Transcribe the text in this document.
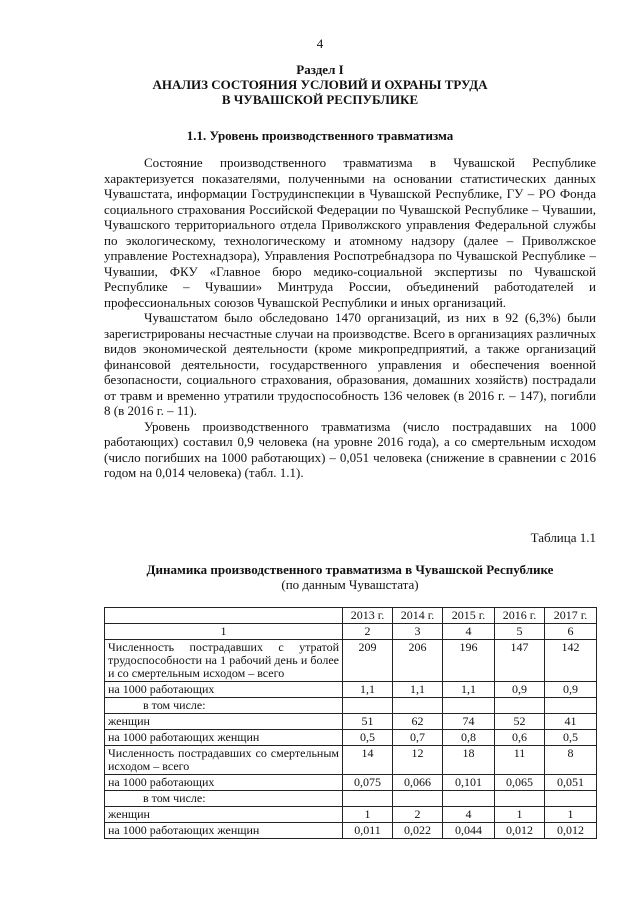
4
Раздел I
АНАЛИЗ СОСТОЯНИЯ УСЛОВИЙ И ОХРАНЫ ТРУДА
В ЧУВАШСКОЙ РЕСПУБЛИКЕ
1.1. Уровень производственного травматизма

Состояние производственного травматизма в Чувашской Республике характеризуется показателями, полученными на основании статистических данных Чувашстата, информации Гострудинспекции в Чувашской Республике, ГУ – РО Фонда социального страхования Российской Федерации по Чувашской Республике – Чувашии, Чувашского территориального отдела Приволжского управления Федеральной службы по экологическому, технологическому и атомному надзору (далее – Приволжское управление Ростехнадзора), Управления Роспотребнадзора по Чувашской Республике – Чувашии, ФКУ «Главное бюро медико-социальной экспертизы по Чувашской Республике – Чувашии» Минтруда России, объединений работодателей и профессиональных союзов Чувашской Республики и иных организаций.

Чувашстатом было обследовано 1470 организаций, из них в 92 (6,3%) были зарегистрированы несчастные случаи на производстве. Всего в организациях различных видов экономической деятельности (кроме микропредприятий, а также организаций финансовой деятельности, государственного управления и обеспечения военной безопасности, социального страхования, образования, домашних хозяйств) пострадали от травм и временно утратили трудоспособность 136 человек (в 2016 г. – 147), погибли 8 (в 2016 г. – 11).

Уровень производственного травматизма (число пострадавших на 1000 работающих) составил 0,9 человека (на уровне 2016 года), а со смертельным исходом (число погибших на 1000 работающих) – 0,051 человека (снижение в сравнении с 2016 годом на 0,014 человека) (табл. 1.1).

Таблица 1.1
Динамика производственного травматизма в Чувашской Республике
(по данным Чувашстата)
	2013 г.	2014 г.	2015 г.	2016 г.	2017 г.
1	2	3	4	5	6
Численность пострадавших с утратой трудоспособности на 1 рабочий день и более и со смертельным исходом – всего	209	206	196	147	142
на 1000 работающих	1,1	1,1	1,1	0,9	0,9
в том числе:					
женщин	51	62	74	52	41
на 1000 работающих женщин	0,5	0,7	0,8	0,6	0,5
Численность пострадавших со смертельным исходом – всего	14	12	18	11	8
на 1000 работающих	0,075	0,066	0,101	0,065	0,051
в том числе:					
женщин	1	2	4	1	1
на 1000 работающих женщин	0,011	0,022	0,044	0,012	0,012
